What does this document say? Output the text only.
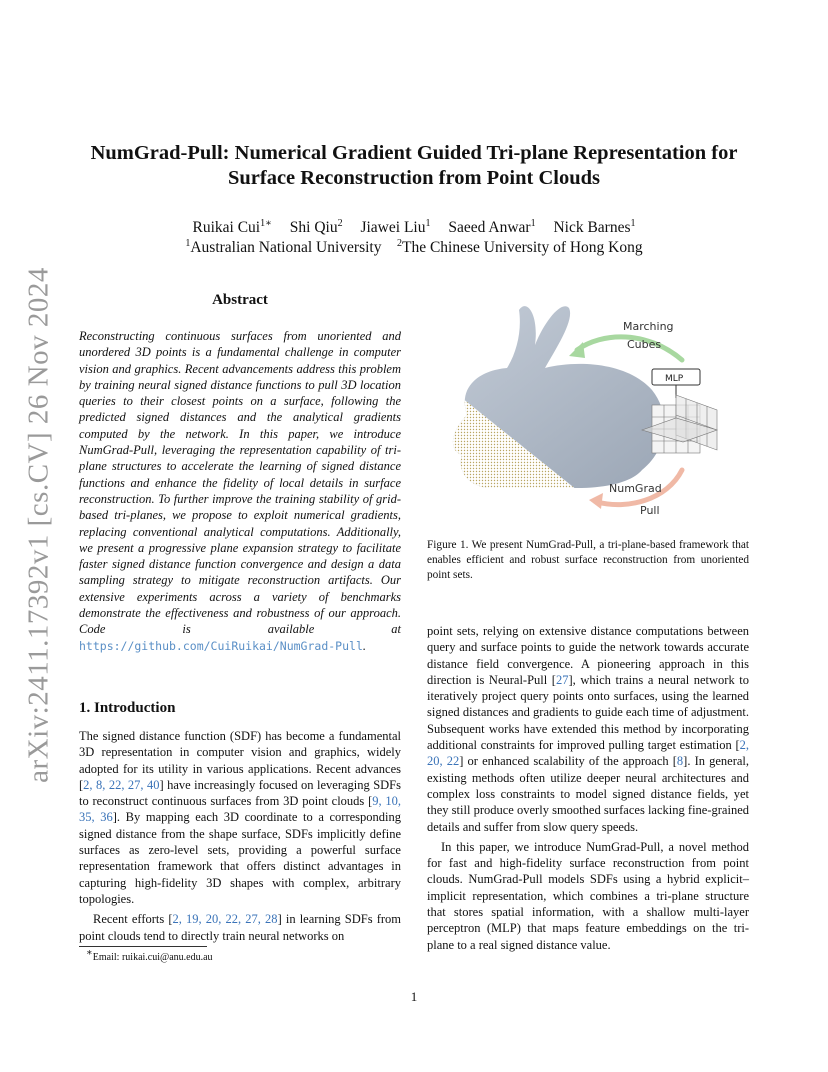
arXiv:2411.17392v1 [cs.CV] 26 Nov 2024
NumGrad-Pull: Numerical Gradient Guided Tri-plane Representation for
Surface Reconstruction from Point Clouds
Ruikai Cui$^{1∗}$ Shi Qiu$^2$ Jiawei Liu$^1$ Saeed Anwar$^1$ Nick Barnes$^1$
$^1$Australian National University $^2$The Chinese University of Hong Kong
Abstract
Reconstructing continuous surfaces from unoriented and unordered 3D points is a fundamental challenge in computer vision and graphics. Recent advancements address this problem by training neural signed distance functions to pull 3D location queries to their closest points on a surface, following the predicted signed distances and the analytical gradients computed by the network. In this paper, we introduce NumGrad-Pull, leveraging the representation capability of tri-plane structures to accelerate the learning of signed distance functions and enhance the fidelity of local details in surface reconstruction. To further improve the training stability of grid-based tri-planes, we propose to exploit numerical gradients, replacing conventional analytical computations. Additionally, we present a progressive plane expansion strategy to facilitate faster signed distance function convergence and design a data sampling strategy to mitigate reconstruction artifacts. Our extensive experiments across a variety of benchmarks demonstrate the effectiveness and robustness of our approach. Code is available at https://github.com/CuiRuikai/NumGrad-Pull.
1. Introduction

The signed distance function (SDF) has become a fundamental 3D representation in computer vision and graphics, widely adopted for its utility in various applications. Recent advances [2, 8, 22, 27, 40] have increasingly focused on leveraging SDFs to reconstruct continuous surfaces from 3D point clouds [9, 10, 35, 36]. By mapping each 3D coordinate to a corresponding signed distance from the shape surface, SDFs implicitly define surfaces as zero-level sets, providing a powerful surface representation framework that offers distinct advantages in capturing high-fidelity 3D shapes with complex, arbitrary topologies.

Recent efforts [2, 19, 20, 22, 27, 28] in learning SDFs from point clouds tend to directly train neural networks on

∗Email: ruikai.cui@anu.edu.au
Marching
Cubes
MLP
NumGrad
Pull
Figure 1. We present NumGrad-Pull, a tri-plane-based framework that enables efficient and robust surface reconstruction from unoriented point sets.

point sets, relying on extensive distance computations between query and surface points to guide the network towards accurate distance field convergence. A pioneering approach in this direction is Neural-Pull [27], which trains a neural network to iteratively project query points onto surfaces, using the learned signed distances and gradients to guide each time of adjustment. Subsequent works have extended this method by incorporating additional constraints for improved pulling target estimation [2, 20, 22] or enhanced scalability of the approach [8]. In general, existing methods often utilize deeper neural architectures and complex loss constraints to model signed distance fields, yet they still produce overly smoothed surfaces lacking fine-grained details and suffer from slow query speeds.

In this paper, we introduce NumGrad-Pull, a novel method for fast and high-fidelity surface reconstruction from point clouds. NumGrad-Pull models SDFs using a hybrid explicit–implicit representation, which combines a tri-plane structure that stores spatial information, with a shallow multi-layer perceptron (MLP) that maps feature embeddings on the tri-plane to a real signed distance value.

1
